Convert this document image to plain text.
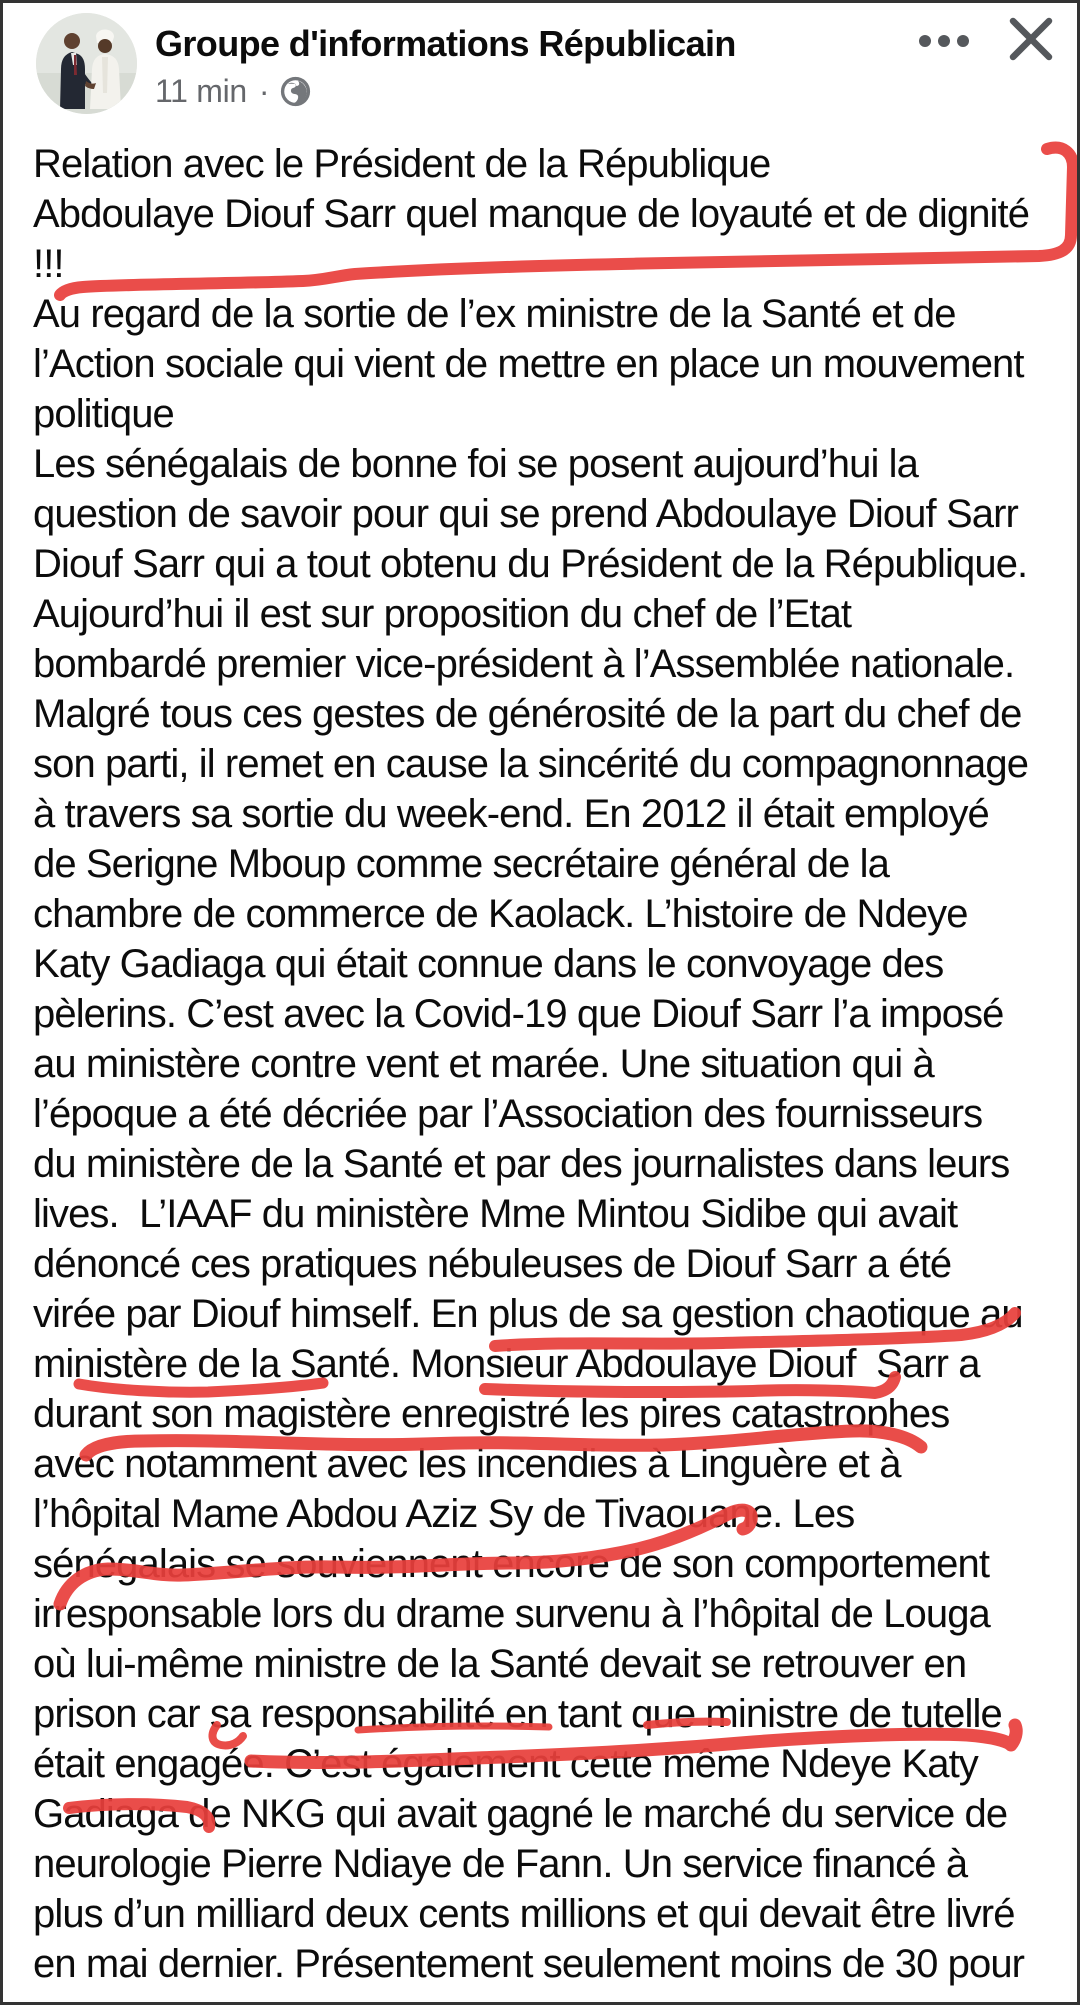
Groupe d'informations Républicain
11 min ·
Relation avec le Président de la République
Abdoulaye Diouf Sarr quel manque de loyauté et de dignité
!!!
Au regard de la sortie de l’ex ministre de la Santé et de
l’Action sociale qui vient de mettre en place un mouvement
politique
Les sénégalais de bonne foi se posent aujourd’hui la
question de savoir pour qui se prend Abdoulaye Diouf Sarr
Diouf Sarr qui a tout obtenu du Président de la République.
Aujourd’hui il est sur proposition du chef de l’Etat
bombardé premier vice-président à l’Assemblée nationale.
Malgré tous ces gestes de générosité de la part du chef de
son parti, il remet en cause la sincérité du compagnonnage
à travers sa sortie du week-end. En 2012 il était employé
de Serigne Mboup comme secrétaire général de la
chambre de commerce de Kaolack. L’histoire de Ndeye
Katy Gadiaga qui était connue dans le convoyage des
pèlerins. C’est avec la Covid-19 que Diouf Sarr l’a imposé
au ministère contre vent et marée. Une situation qui à
l’époque a été décriée par l’Association des fournisseurs
du ministère de la Santé et par des journalistes dans leurs
lives.  L’IAAF du ministère Mme Mintou Sidibe qui avait
dénoncé ces pratiques nébuleuses de Diouf Sarr a été
virée par Diouf himself. En plus de sa gestion chaotique au
ministère de la Santé. Monsieur Abdoulaye Diouf  Sarr a
durant son magistère enregistré les pires catastrophes
avec notamment avec les incendies à Linguère et à
l’hôpital Mame Abdou Aziz Sy de Tivaouane. Les
sénégalais se souviennent encore de son comportement
irresponsable lors du drame survenu à l’hôpital de Louga
où lui-même ministre de la Santé devait se retrouver en
prison car sa responsabilité en tant que ministre de tutelle
était engagée. C’est également cette même Ndeye Katy
Gadiaga de NKG qui avait gagné le marché du service de
neurologie Pierre Ndiaye de Fann. Un service financé à
plus d’un milliard deux cents millions et qui devait être livré
en mai dernier. Présentement seulement moins de 30 pour
